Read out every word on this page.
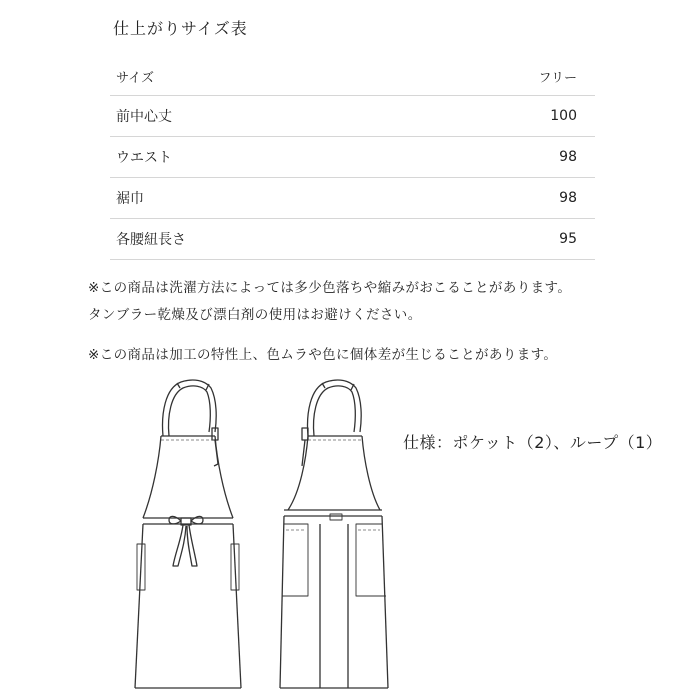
仕上がりサイズ表
サイズ	フリー
前中心丈	100
ウエスト	98
裾巾	98
各腰紐長さ	95
※この商品は洗濯方法によっては多少色落ちや縮みがおこることがあります。
タンブラー乾燥及び漂白剤の使用はお避けください。
※この商品は加工の特性上、色ムラや色に個体差が生じることがあります。
仕様：ポケット（2）、ループ（1）
